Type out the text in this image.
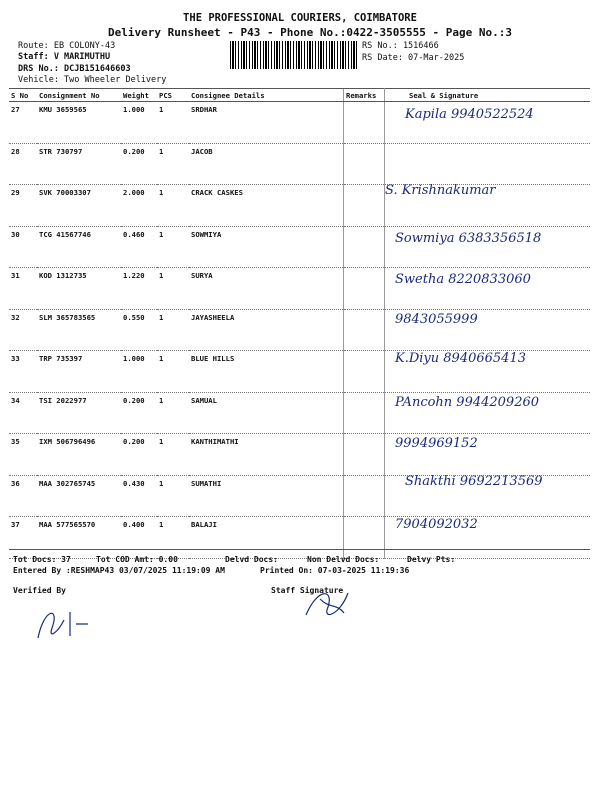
THE PROFESSIONAL COURIERS, COIMBATORE
Delivery Runsheet - P43 - Phone No.:0422-3505555 - Page No.:3
Route: EB COLONY-43
Staff: V MARIMUTHU
DRS No.: DCJB151646603
Vehicle: Two Wheeler Delivery
RS No.: 1516466
RS Date: 07-Mar-2025
S No	Consignment No	Weight	PCS	Consignee Details	Remarks	Seal & Signature
27	KMU 3659565	1.000	1	SRDHAR		Kapila 9940522524

28	STR 730797	0.200	1	JACOB		

29	SVK 70003307	2.000	1	CRACK CASKES		S. Krishnakumar

30	TCG 41567746	0.460	1	SOWMIYA		Sowmiya 6383356518

31	KOD 1312735	1.220	1	SURYA		Swetha 8220833060

32	SLM 365783565	0.550	1	JAYASHEELA		9843055999

33	TRP 735397	1.000	1	BLUE HILLS		K.Diyu 8940665413

34	TSI 2022977	0.200	1	SAMUAL		PAncohn 9944209260

35	IXM 506796496	0.200	1	KANTHIMATHI		9994969152

36	MAA 302765745	0.430	1	SUMATHI		Shakthi 9692213569

37	MAA 577565570	0.400	1	BALAJI		7904092032
Tot Docs: 37	Tot COD Amt: 0.00	Delvd Docs:	Non Delvd Docs:	Delvy Pts:
Entered By :RESHMAP43 03/07/2025 11:19:09 AM	Printed On: 07-03-2025 11:19:36
Verified By	Staff Signature
